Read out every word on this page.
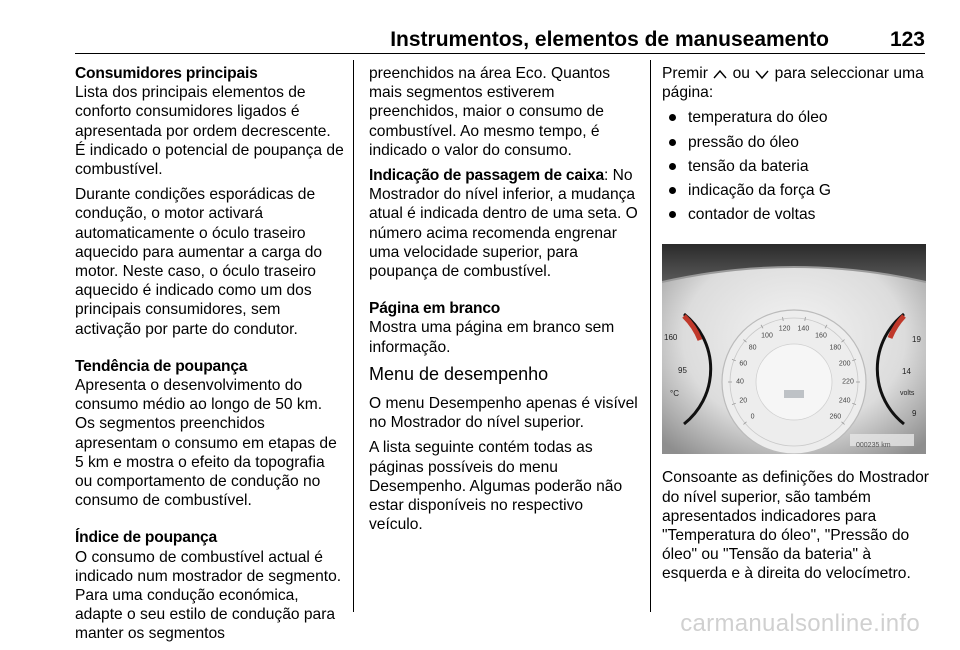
Instrumentos, elementos de manuseamento	123

Consumidores principais

Lista dos principais elementos de conforto consumidores ligados é apresentada por ordem decrescente. É indicado o potencial de poupança de combustível.

Durante condições esporádicas de condução, o motor activará automaticamente o óculo traseiro aquecido para aumentar a carga do motor. Neste caso, o óculo traseiro aquecido é indicado como um dos principais consumidores, sem activação por parte do condutor.

Tendência de poupança

Apresenta o desenvolvimento do consumo médio ao longo de 50 km. Os segmentos preenchidos apresentam o consumo em etapas de 5 km e mostra o efeito da topografia ou comportamento de condução no consumo de combustível.

Índice de poupança

O consumo de combustível actual é indicado num mostrador de segmento. Para uma condução económica, adapte o seu estilo de condução para manter os segmentos

preenchidos na área Eco. Quantos mais segmentos estiverem preenchidos, maior o consumo de combustível. Ao mesmo tempo, é indicado o valor do consumo.

Indicação de passagem de caixa: No Mostrador do nível inferior, a mudança atual é indicada dentro de uma seta. O número acima recomenda engrenar uma velocidade superior, para poupança de combustível.

Página em branco

Mostra uma página em branco sem informação.

Menu de desempenho

O menu Desempenho apenas é visível no Mostrador do nível superior.

A lista seguinte contém todas as páginas possíveis do menu Desempenho. Algumas poderão não estar disponíveis no respectivo veículo.

Premir ou para seleccionar uma página:

temperatura do óleo
pressão do óleo
tensão da bateria
indicação da força G
contador de voltas
160
95
°C
19
14
volts
9
000235 km
0
20
40
60
80
100
120 140
160
180
200
220
240
260

Consoante as definições do Mostrador do nível superior, são também apresentados indicadores para "Temperatura do óleo", "Pressão do óleo" ou "Tensão da bateria" à esquerda e à direita do velocímetro.

carmanualsonline.info
